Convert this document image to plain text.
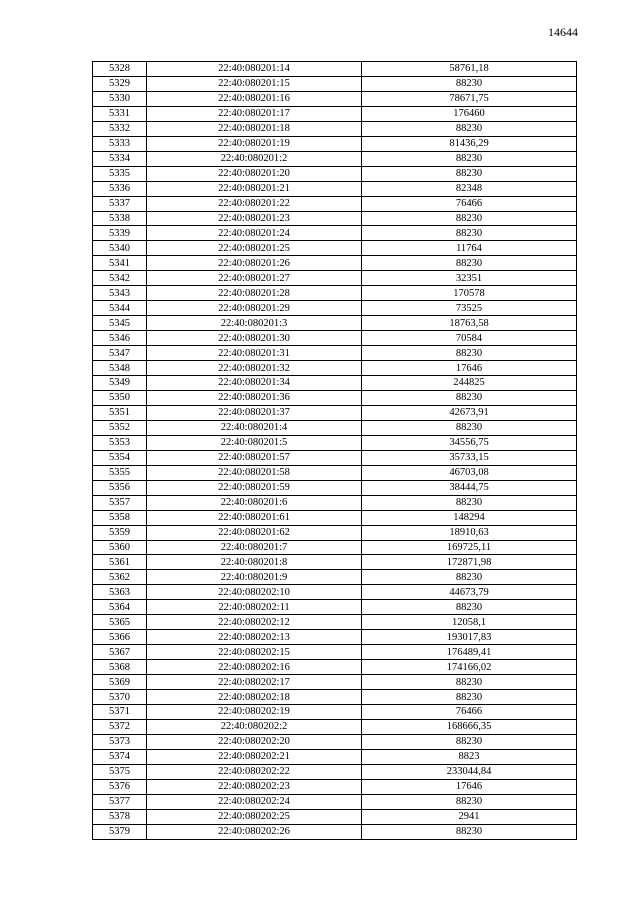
14644
5328	22:40:080201:14	58761,18
5329	22:40:080201:15	88230
5330	22:40:080201:16	78671,75
5331	22:40:080201:17	176460
5332	22:40:080201:18	88230
5333	22:40:080201:19	81436,29
5334	22:40:080201:2	88230
5335	22:40:080201:20	88230
5336	22:40:080201:21	82348
5337	22:40:080201:22	76466
5338	22:40:080201:23	88230
5339	22:40:080201:24	88230
5340	22:40:080201:25	11764
5341	22:40:080201:26	88230
5342	22:40:080201:27	32351
5343	22:40:080201:28	170578
5344	22:40:080201:29	73525
5345	22:40:080201:3	18763,58
5346	22:40:080201:30	70584
5347	22:40:080201:31	88230
5348	22:40:080201:32	17646
5349	22:40:080201:34	244825
5350	22:40:080201:36	88230
5351	22:40:080201:37	42673,91
5352	22:40:080201:4	88230
5353	22:40:080201:5	34556,75
5354	22:40:080201:57	35733,15
5355	22:40:080201:58	46703,08
5356	22:40:080201:59	38444,75
5357	22:40:080201:6	88230
5358	22:40:080201:61	148294
5359	22:40:080201:62	18910,63
5360	22:40:080201:7	169725,11
5361	22:40:080201:8	172871,98
5362	22:40:080201:9	88230
5363	22:40:080202:10	44673,79
5364	22:40:080202:11	88230
5365	22:40:080202:12	12058,1
5366	22:40:080202:13	193017,83
5367	22:40:080202:15	176489,41
5368	22:40:080202:16	174166,02
5369	22:40:080202:17	88230
5370	22:40:080202:18	88230
5371	22:40:080202:19	76466
5372	22:40:080202:2	168666,35
5373	22:40:080202:20	88230
5374	22:40:080202:21	8823
5375	22:40:080202:22	233044,84
5376	22:40:080202:23	17646
5377	22:40:080202:24	88230
5378	22:40:080202:25	2941
5379	22:40:080202:26	88230
